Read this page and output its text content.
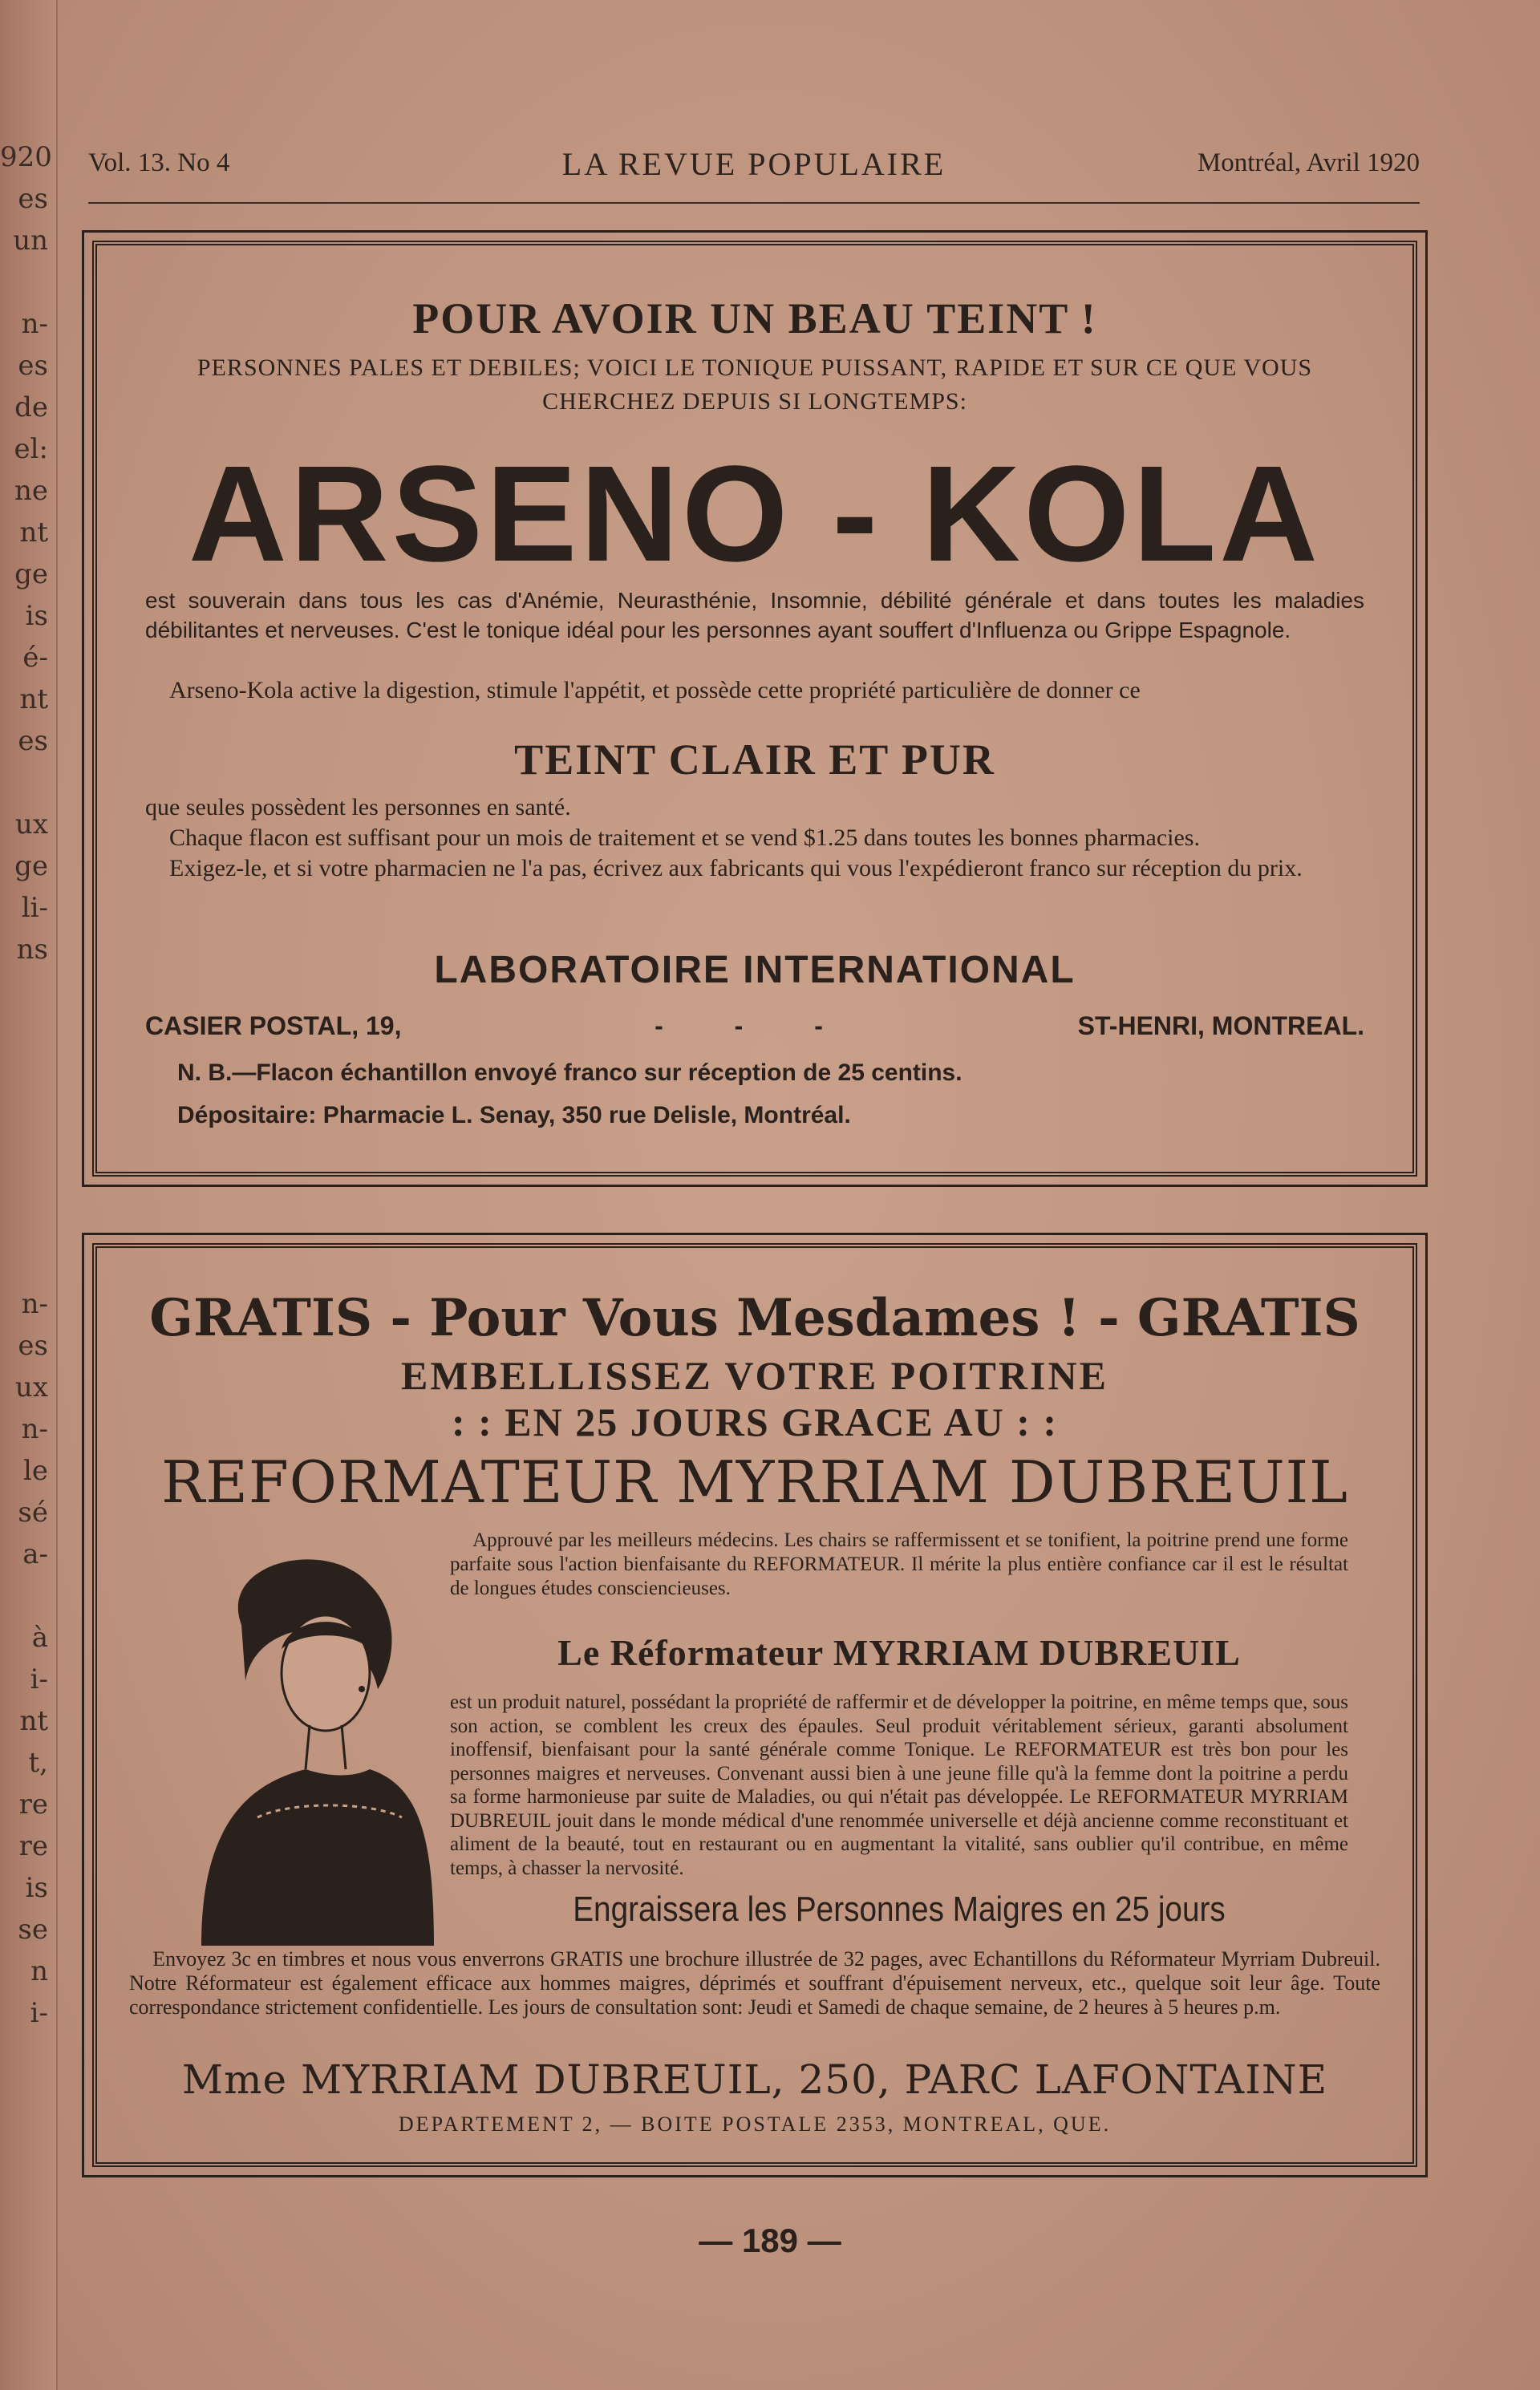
920
es
un

n-
es
de
el:
ne
nt
ge
is
é-
nt
es

ux
ge
li-
ns
n-
es
ux
n-
le
sé
a-

à
i-
nt
t,
re
re
is
se
n
i-
Vol. 13. No 4	LA REVUE POPULAIRE	Montréal, Avril 1920
POUR AVOIR UN BEAU TEINT !
PERSONNES PALES ET DEBILES; VOICI LE TONIQUE PUISSANT, RAPIDE ET SUR CE QUE VOUS CHERCHEZ DEPUIS SI LONGTEMPS:
ARSENO - KOLA
est souverain dans tous les cas d'Anémie, Neurasthénie, Insomnie, débilité générale et dans toutes les maladies débilitantes et nerveuses. C'est le tonique idéal pour les personnes ayant souffert d'Influenza ou Grippe Espagnole.
Arseno-Kola active la digestion, stimule l'appétit, et possède cette propriété particulière de donner ce
TEINT CLAIR ET PUR
que seules possèdent les personnes en santé.
Chaque flacon est suffisant pour un mois de traitement et se vend $1.25 dans toutes les bonnes pharmacies.
Exigez-le, et si votre pharmacien ne l'a pas, écrivez aux fabricants qui vous l'expédieront franco sur réception du prix.
LABORATOIRE INTERNATIONAL
CASIER POSTAL, 19,	- - -	ST-HENRI, MONTREAL.
N. B.—Flacon échantillon envoyé franco sur réception de 25 centins.
Dépositaire: Pharmacie L. Senay, 350 rue Delisle, Montréal.
GRATIS - Pour Vous Mesdames ! - GRATIS
EMBELLISSEZ VOTRE POITRINE
: : EN 25 JOURS GRACE AU : :
REFORMATEUR MYRRIAM DUBREUIL
Approuvé par les meilleurs médecins. Les chairs se raffermissent et se tonifient, la poitrine prend une forme parfaite sous l'action bienfaisante du REFORMATEUR. Il mérite la plus entière confiance car il est le résultat de longues études consciencieuses.
Le Réformateur MYRRIAM DUBREUIL
est un produit naturel, possédant la propriété de raffermir et de développer la poitrine, en même temps que, sous son action, se comblent les creux des épaules. Seul produit véritablement sérieux, garanti absolument inoffensif, bienfaisant pour la santé générale comme Tonique. Le REFORMATEUR est très bon pour les personnes maigres et nerveuses. Convenant aussi bien à une jeune fille qu'à la femme dont la poitrine a perdu sa forme harmonieuse par suite de Maladies, ou qui n'était pas développée. Le REFORMATEUR MYRRIAM DUBREUIL jouit dans le monde médical d'une renommée universelle et déjà ancienne comme reconstituant et aliment de la beauté, tout en restaurant ou en augmentant la vitalité, sans oublier qu'il contribue, en même temps, à chasser la nervosité.
Engraissera les Personnes Maigres en 25 jours
Envoyez 3c en timbres et nous vous enverrons GRATIS une brochure illustrée de 32 pages, avec Echantillons du Réformateur Myrriam Dubreuil. Notre Réformateur est également efficace aux hommes maigres, déprimés et souffrant d'épuisement nerveux, etc., quelque soit leur âge. Toute correspondance strictement confidentielle. Les jours de consultation sont: Jeudi et Samedi de chaque semaine, de 2 heures à 5 heures p.m.
Mme MYRRIAM DUBREUIL, 250, PARC LAFONTAINE
DEPARTEMENT 2, — BOITE POSTALE 2353, MONTREAL, QUE.
— 189 —
